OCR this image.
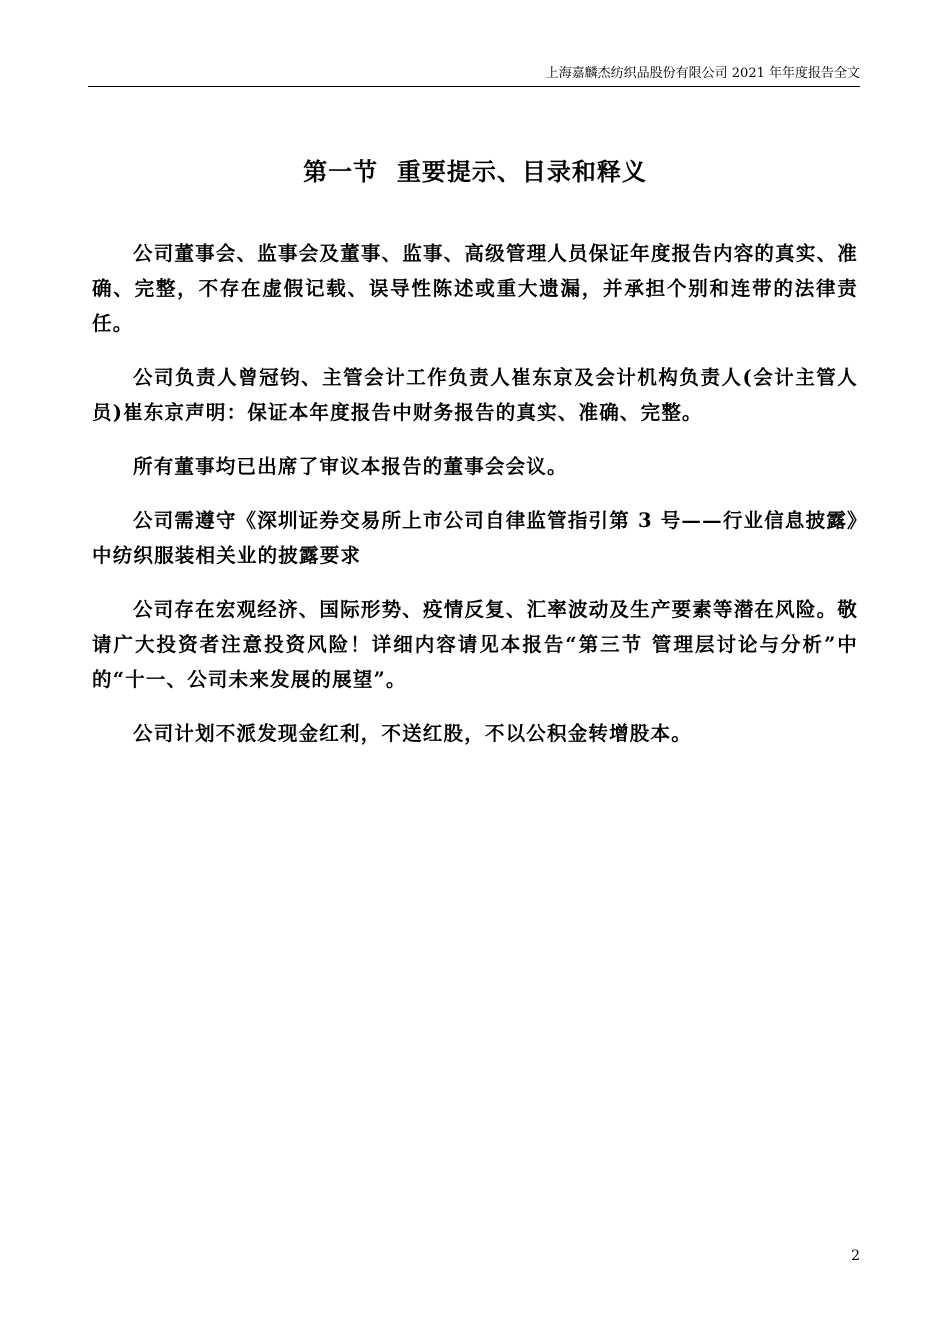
上海嘉麟杰纺织品股份有限公司 2021 年年度报告全文
第一节  重要提示、目录和释义

公司董事会、监事会及董事、监事、高级管理人员保证年度报告内容的真实、准确、完整，不存在虚假记载、误导性陈述或重大遗漏，并承担个别和连带的法律责任。

公司负责人曾冠钧、主管会计工作负责人崔东京及会计机构负责人(会计主管人员)崔东京声明：保证本年度报告中财务报告的真实、准确、完整。

所有董事均已出席了审议本报告的董事会会议。

公司需遵守《深圳证券交易所上市公司自律监管指引第 3 号——行业信息披露》中纺织服装相关业的披露要求

公司存在宏观经济、国际形势、疫情反复、汇率波动及生产要素等潜在风险。敬请广大投资者注意投资风险！详细内容请见本报告“第三节 管理层讨论与分析”中的“十一、公司未来发展的展望”。

公司计划不派发现金红利，不送红股，不以公积金转增股本。

2
